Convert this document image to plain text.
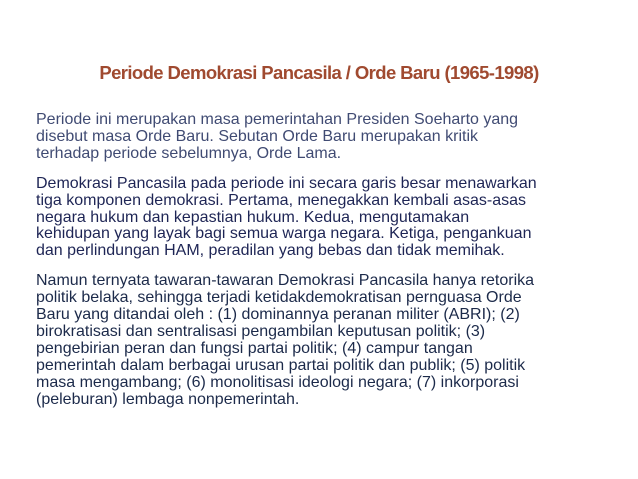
Periode Demokrasi Pancasila / Orde Baru (1965-1998)

Periode ini merupakan masa pemerintahan Presiden Soeharto yang
disebut masa Orde Baru. Sebutan Orde Baru merupakan kritik
terhadap periode sebelumnya, Orde Lama.

Demokrasi Pancasila pada periode ini secara garis besar menawarkan
tiga komponen demokrasi. Pertama, menegakkan kembali asas-asas
negara hukum dan kepastian hukum. Kedua, mengutamakan
kehidupan yang layak bagi semua warga negara. Ketiga, pengankuan
dan perlindungan HAM, peradilan yang bebas dan tidak memihak.

Namun ternyata tawaran-tawaran Demokrasi Pancasila hanya retorika
politik belaka, sehingga terjadi ketidakdemokratisan pernguasa Orde
Baru yang ditandai oleh : (1) dominannya peranan militer (ABRI); (2)
birokratisasi dan sentralisasi pengambilan keputusan politik; (3)
pengebirian peran dan fungsi partai politik; (4) campur tangan
pemerintah dalam berbagai urusan partai politik dan publik; (5) politik
masa mengambang; (6) monolitisasi ideologi negara; (7) inkorporasi
(peleburan) lembaga nonpemerintah.
